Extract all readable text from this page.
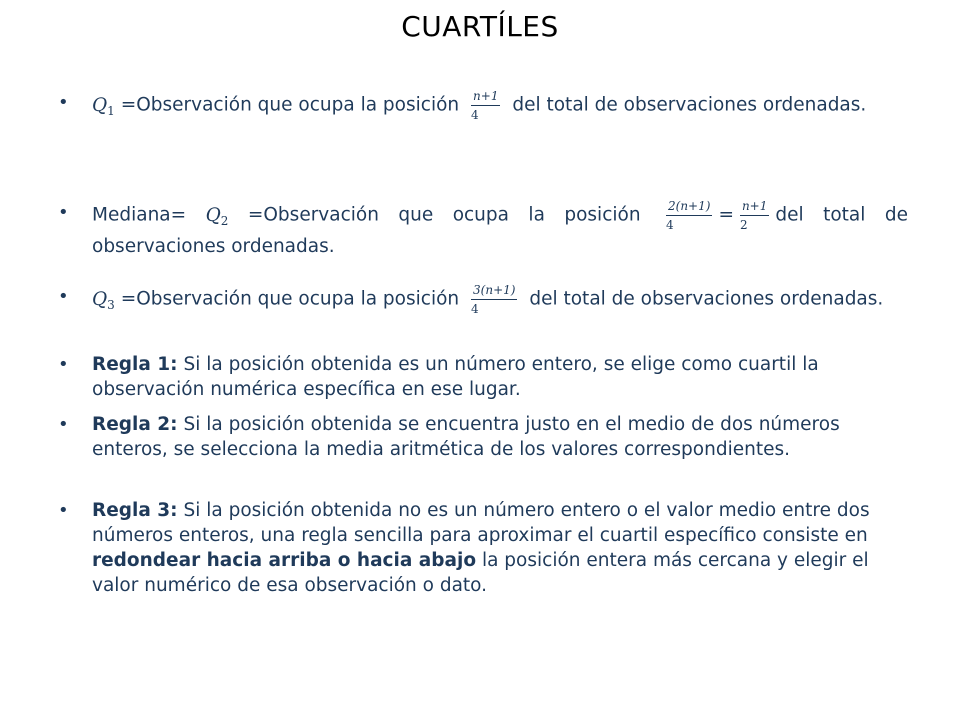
CUARTÍLES
•	$Q_1$ =Observación que ocupa la posición $\frac{n+1}{4}$ del total de observaciones ordenadas.
•	Mediana= $Q_2$ =Observación que ocupa la posición $\frac{2(n+1)}{4} = \frac{n+1}{2}$ del total de observaciones ordenadas.
•	$Q_3$ =Observación que ocupa la posición $\frac{3(n+1)}{4}$ del total de observaciones ordenadas.
•	Regla 1: Si la posición obtenida es un número entero, se elige como cuartil la observación numérica específica en ese lugar.
•	Regla 2: Si la posición obtenida se encuentra justo en el medio de dos números enteros, se selecciona la media aritmética de los valores correspondientes.
•	Regla 3: Si la posición obtenida no es un número entero o el valor medio entre dos números enteros, una regla sencilla para aproximar el cuartil específico consiste en redondear hacia arriba o hacia abajo la posición entera más cercana y elegir el valor numérico de esa observación o dato.
